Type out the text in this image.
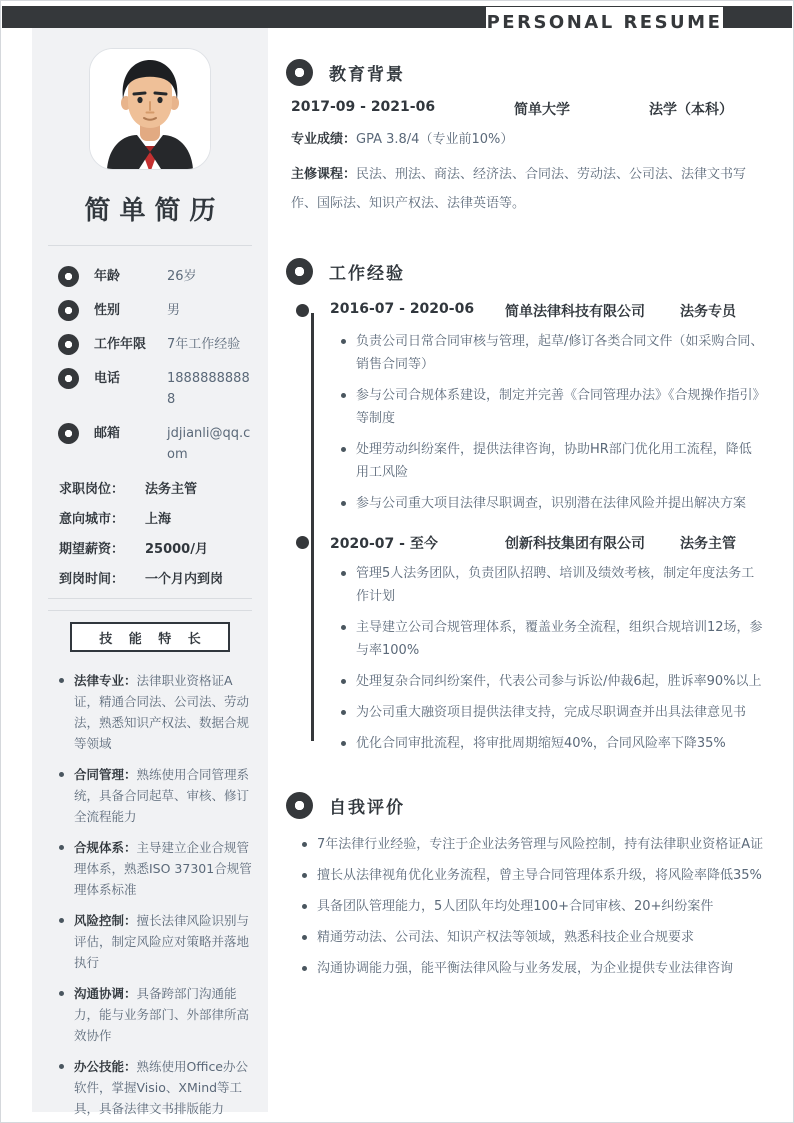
PERSONAL RESUME
简单简历
年龄	26岁
性别	男
工作年限	7年工作经验
电话	18888888888
邮箱	jdjianli@qq.com
求职岗位：	法务主管
意向城市：	上海
期望薪资：	25000/月
到岗时间：	一个月内到岗
技 能 特 长
法律专业：法律职业资格证A证，精通合同法、公司法、劳动法，熟悉知识产权法、数据合规等领域
合同管理：熟练使用合同管理系统，具备合同起草、审核、修订全流程能力
合规体系：主导建立企业合规管理体系，熟悉ISO 37301合规管理体系标准
风险控制：擅长法律风险识别与评估，制定风险应对策略并落地执行
沟通协调：具备跨部门沟通能力，能与业务部门、外部律所高效协作
办公技能：熟练使用Office办公软件，掌握Visio、XMind等工具，具备法律文书排版能力
教育背景
2017-09 - 2021-06	简单大学	法学（本科）
专业成绩：GPA 3.8/4（专业前10%）
主修课程：民法、刑法、商法、经济法、合同法、劳动法、公司法、法律文书写作、国际法、知识产权法、法律英语等。
工作经验
2016-07 - 2020-06	简单法律科技有限公司	法务专员
负责公司日常合同审核与管理，起草/修订各类合同文件（如采购合同、销售合同等）
参与公司合规体系建设，制定并完善《合同管理办法》《合规操作指引》等制度
处理劳动纠纷案件，提供法律咨询，协助HR部门优化用工流程，降低用工风险
参与公司重大项目法律尽职调查，识别潜在法律风险并提出解决方案
2020-07 - 至今	创新科技集团有限公司	法务主管
管理5人法务团队，负责团队招聘、培训及绩效考核，制定年度法务工作计划
主导建立公司合规管理体系，覆盖业务全流程，组织合规培训12场，参与率100%
处理复杂合同纠纷案件，代表公司参与诉讼/仲裁6起，胜诉率90%以上
为公司重大融资项目提供法律支持，完成尽职调查并出具法律意见书
优化合同审批流程，将审批周期缩短40%，合同风险率下降35%
自我评价
7年法律行业经验，专注于企业法务管理与风险控制，持有法律职业资格证A证
擅长从法律视角优化业务流程，曾主导合同管理体系升级，将风险率降低35%
具备团队管理能力，5人团队年均处理100+合同审核、20+纠纷案件
精通劳动法、公司法、知识产权法等领域，熟悉科技企业合规要求
沟通协调能力强，能平衡法律风险与业务发展，为企业提供专业法律咨询
